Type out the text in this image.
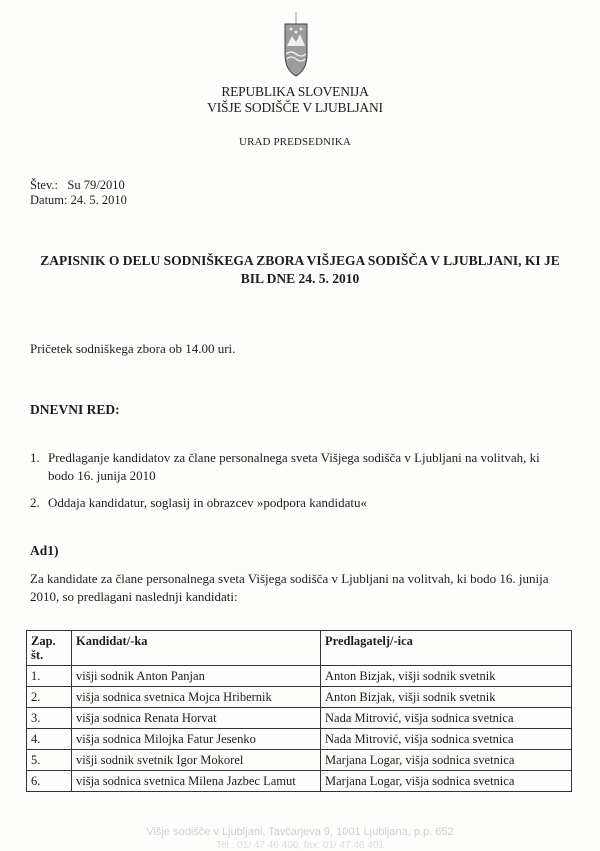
REPUBLIKA SLOVENIJA
VIŠJE SODIŠČE V LJUBLJANI
URAD PREDSEDNIKA
Štev.: Su 79/2010
Datum: 24. 5. 2010
ZAPISNIK O DELU SODNIŠKEGA ZBORA VIŠJEGA SODIŠČA V LJUBLJANI, KI JE
BIL DNE 24. 5. 2010
Pričetek sodniškega zbora ob 14.00 uri.
DNEVNI RED:
1. Predlaganje kandidatov za člane personalnega sveta Višjega sodišča v Ljubljani na volitvah, ki
bodo 16. junija 2010
2. Oddaja kandidatur, soglasij in obrazcev »podpora kandidatu«
Ad1)
Za kandidate za člane personalnega sveta Višjega sodišča v Ljubljani na volitvah, ki bodo 16. junija
2010, so predlagani naslednji kandidati:
Zap.
št.	Kandidat/-ka	Predlagatelj/-ica
1.	višji sodnik Anton Panjan	Anton Bizjak, višji sodnik svetnik
2.	višja sodnica svetnica Mojca Hribernik	Anton Bizjak, višji sodnik svetnik
3.	višja sodnica Renata Horvat	Nada Mitrović, višja sodnica svetnica
4.	višja sodnica Milojka Fatur Jesenko	Nada Mitrović, višja sodnica svetnica
5.	višji sodnik svetnik Igor Mokorel	Marjana Logar, višja sodnica svetnica
6.	višja sodnica svetnica Milena Jazbec Lamut	Marjana Logar, višja sodnica svetnica
Višje sodišče v Ljubljani, Tavčarjeva 9, 1001 Ljubljana, p.p. 652
Tel.: 01/ 47 46 400, fax: 01/ 47 46 401
